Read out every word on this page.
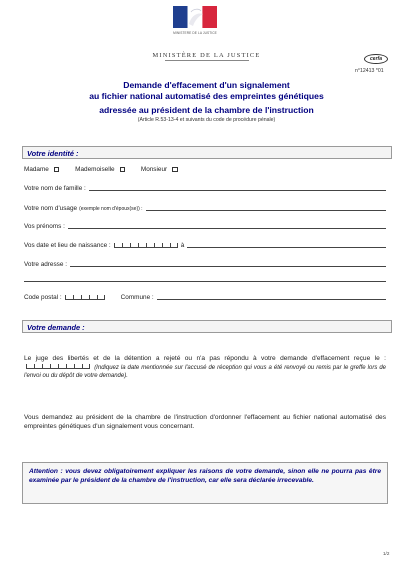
MINISTERE DE LA JUSTICE
MINISTÈRE DE LA JUSTICE	cerfa
n°12413 *01
Demande d'effacement d'un signalement
au fichier national automatisé des empreintes génétiques
adressée au président de la chambre de l'instruction
(Article R.53-13-4 et suivants du code de procédure pénale)
Votre identité :
Madame	Mademoiselle	Monsieur
Votre nom de famille :
Votre nom d'usage (exemple nom d'époux(se)) :
Vos prénoms :
Vos date et lieu de naissance :	à
Votre adresse :
Code postal :	Commune :
Votre demande :
Le juge des libertés et de la détention a rejeté ou n'a pas répondu à votre demande d'effacement reçue le :
(Indiquez la date mentionnée sur l'accusé de réception qui vous a été renvoyé ou remis par le greffe lors de l'envoi ou du dépôt de votre demande).
Vous demandez au président de la chambre de l'instruction d'ordonner l'effacement au fichier national automatisé des empreintes génétiques d'un signalement vous concernant.
Attention : vous devez obligatoirement expliquer les raisons de votre demande, sinon elle ne pourra pas être examinée par le président de la chambre de l'instruction, car elle sera déclarée irrecevable.
1/2
